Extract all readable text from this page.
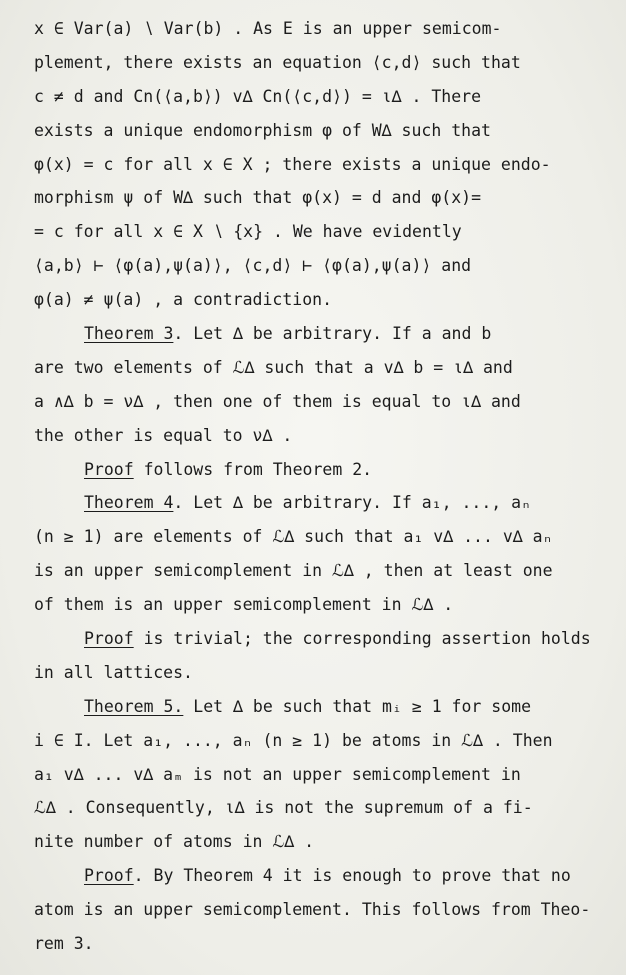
x ∈ Var(a) ∖ Var(b) . As E is an upper semicom-
plement, there exists an equation ⟨c,d⟩ such that
c ≠ d and Cn(⟨a,b⟩) v∆ Cn(⟨c,d⟩) = ι∆ . There
exists a unique endomorphism φ of W∆ such that
φ(x) = c for all x ∈ X ; there exists a unique endo-
morphism ψ of W∆ such that φ(x) = d and φ(x)=
= c for all x ∈ X ∖ {x} . We have evidently
⟨a,b⟩ ⊢ ⟨φ(a),ψ(a)⟩, ⟨c,d⟩ ⊢ ⟨φ(a),ψ(a)⟩ and
φ(a) ≠ ψ(a) , a contradiction.
Theorem 3. Let ∆ be arbitrary. If a and b
are two elements of ℒ∆ such that a v∆ b = ι∆ and
a ∧∆ b = ν∆ , then one of them is equal to ι∆ and
the other is equal to ν∆ .
Proof follows from Theorem 2.
Theorem 4. Let ∆ be arbitrary. If a₁, ..., aₙ
(n ≥ 1) are elements of ℒ∆ such that a₁ v∆ ... v∆ aₙ
is an upper semicomplement in ℒ∆ , then at least one
of them is an upper semicomplement in ℒ∆ .
Proof is trivial; the corresponding assertion holds
in all lattices.
Theorem 5. Let ∆ be such that mᵢ ≥ 1 for some
i ∈ I. Let a₁, ..., aₙ (n ≥ 1) be atoms in ℒ∆ . Then
a₁ v∆ ... v∆ aₘ is not an upper semicomplement in
ℒ∆ . Consequently, ι∆ is not the supremum of a fi-
nite number of atoms in ℒ∆ .
Proof. By Theorem 4 it is enough to prove that no
atom is an upper semicomplement. This follows from Theo-
rem 3.
